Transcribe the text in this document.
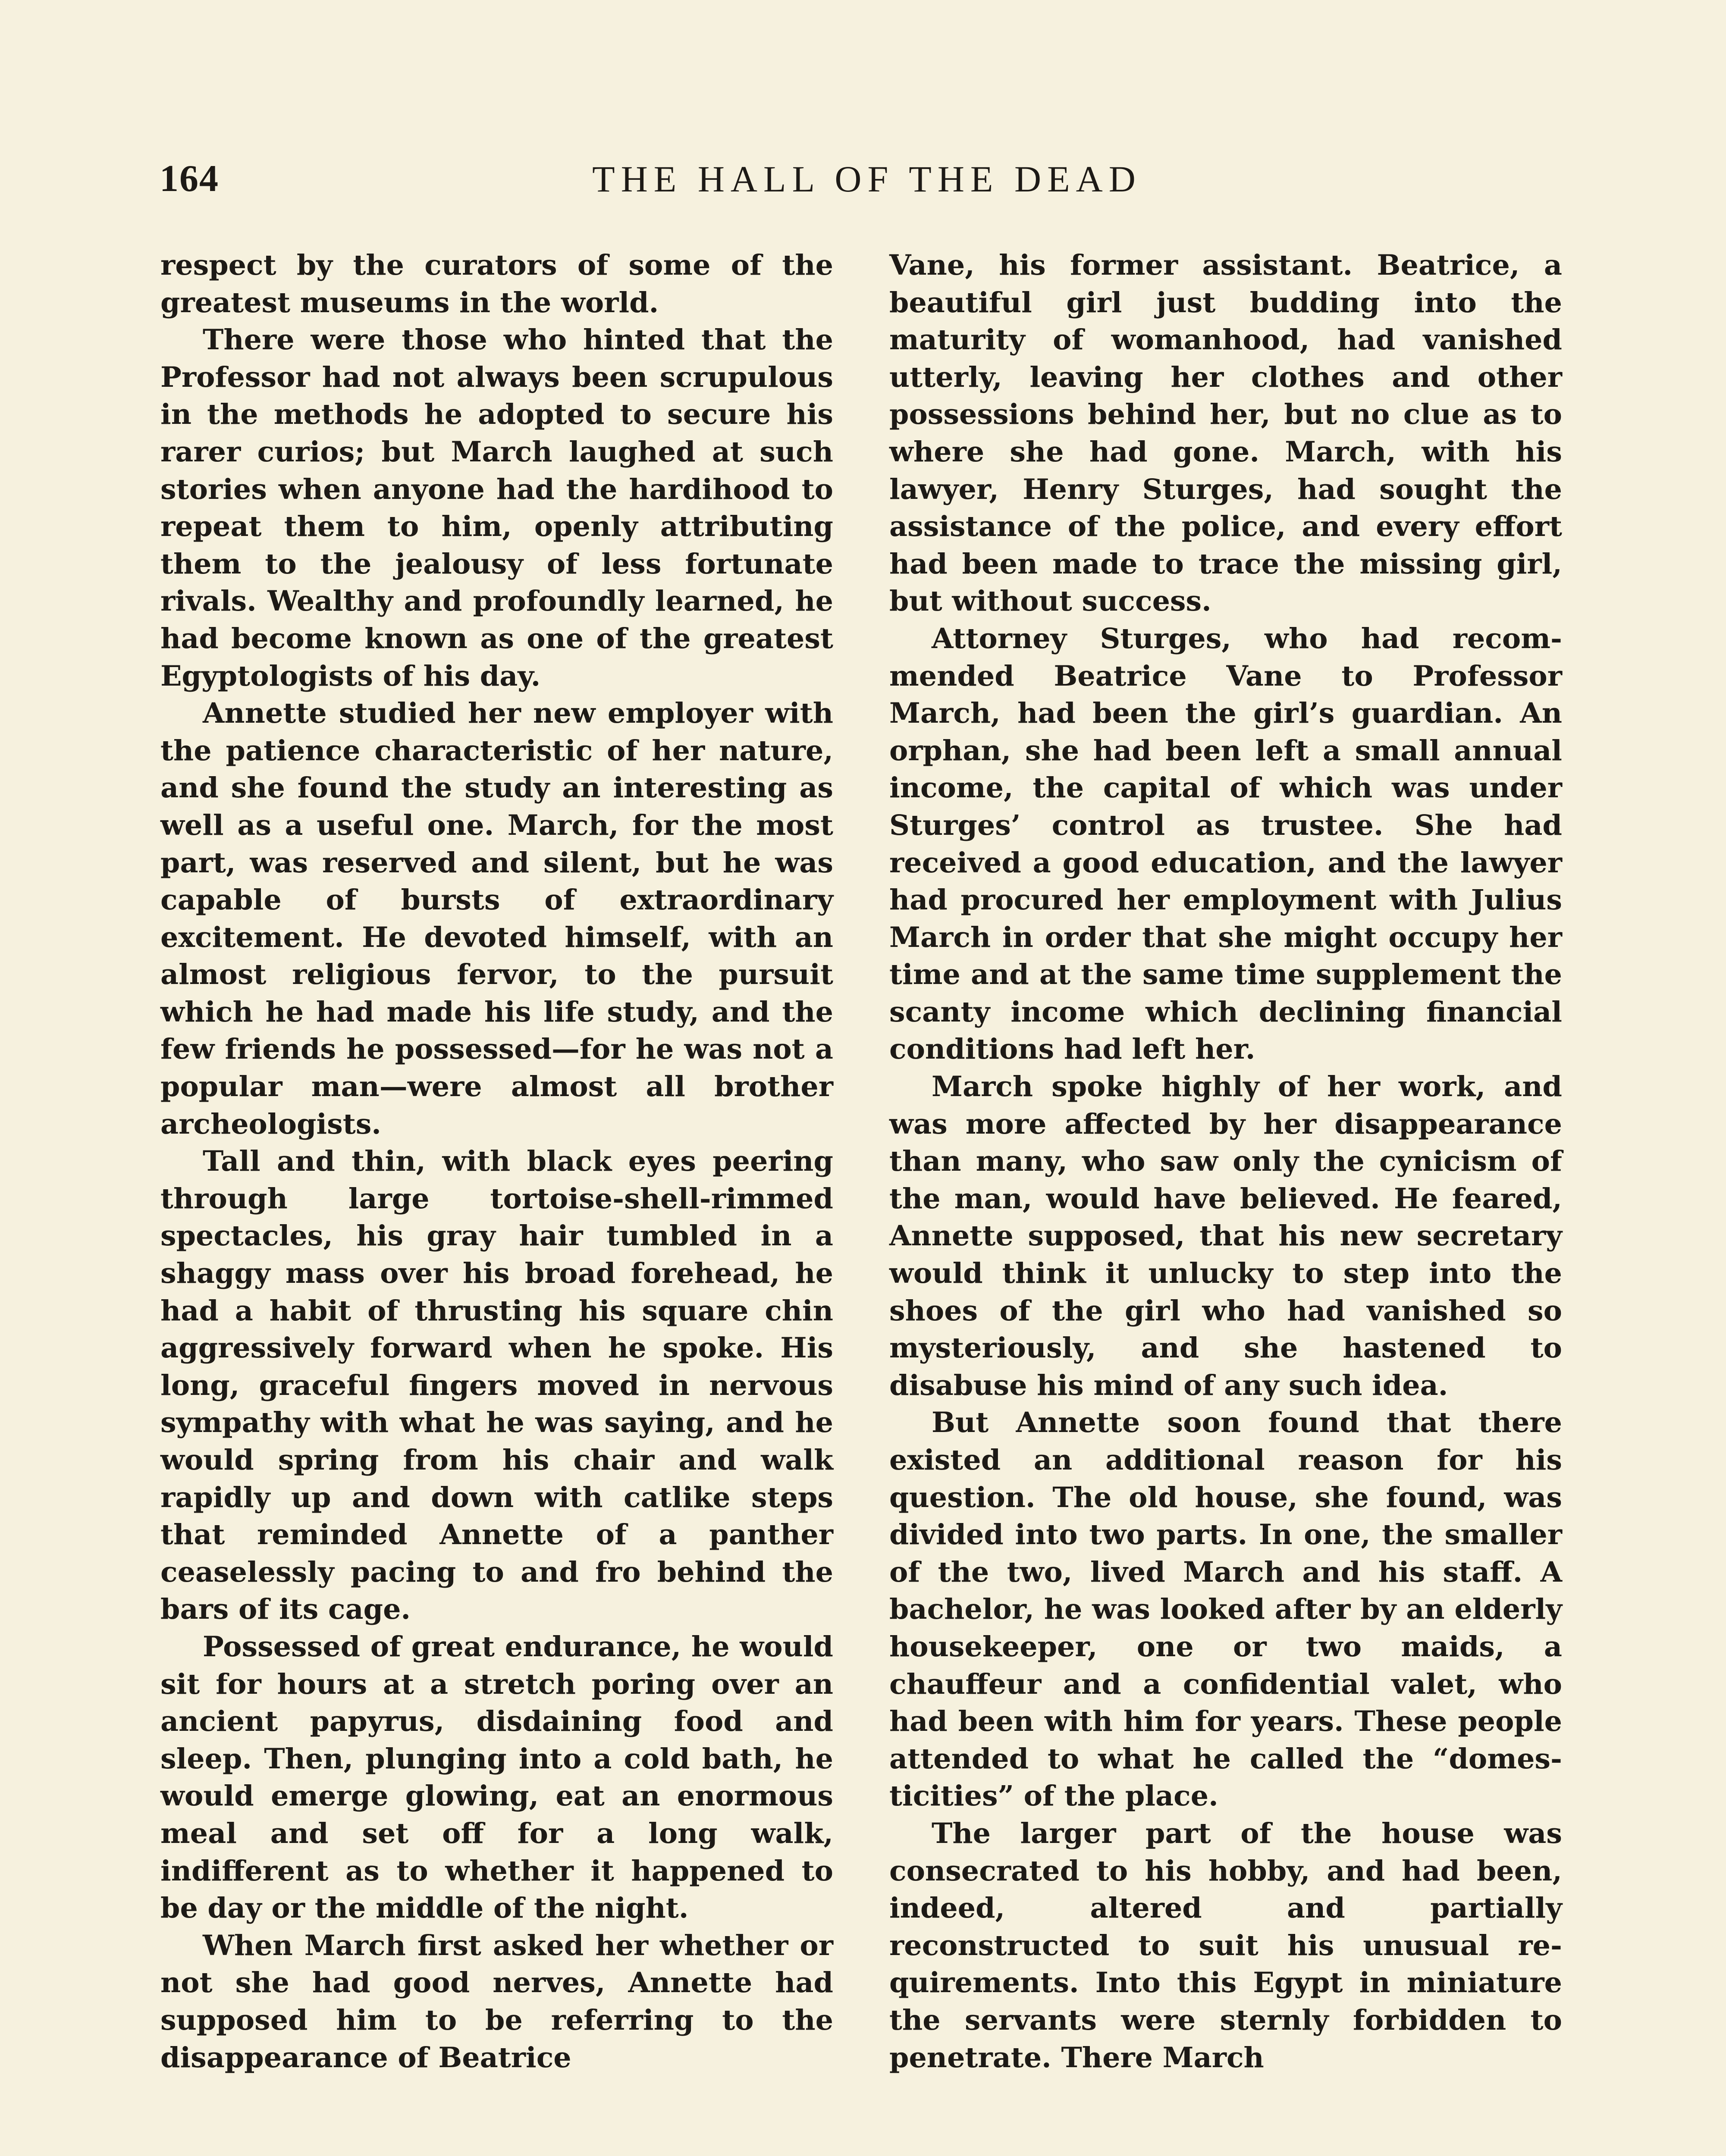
164	THE HALL OF THE DEAD

respect by the curators of some of the greatest museums in the world.

There were those who hinted that the Professor had not always been scrupulous in the methods he adopted to secure his rarer curios; but March laughed at such stories when anyone had the hardihood to repeat them to him, openly attributing them to the jealousy of less fortunate rivals. Wealthy and profoundly learned, he had become known as one of the greatest Egyptologists of his day.

Annette studied her new employer with the patience characteristic of her nature, and she found the study an interesting as well as a useful one. March, for the most part, was reserved and silent, but he was capable of bursts of extraordinary excitement. He devoted himself, with an almost religious fervor, to the pursuit which he had made his life study, and the few friends he possessed—for he was not a popular man—were almost all brother archeologists.

Tall and thin, with black eyes peering through large tortoise-shell-rimmed spectacles, his gray hair tumbled in a shaggy mass over his broad forehead, he had a habit of thrusting his square chin aggressively forward when he spoke. His long, graceful fingers moved in nervous sympathy with what he was saying, and he would spring from his chair and walk rapidly up and down with catlike steps that reminded Annette of a panther ceaselessly pacing to and fro behind the bars of its cage.

Possessed of great endurance, he would sit for hours at a stretch poring over an ancient papyrus, disdaining food and sleep. Then, plunging into a cold bath, he would emerge glowing, eat an enormous meal and set off for a long walk, indifferent as to whether it happened to be day or the middle of the night.

When March first asked her whether or not she had good nerves, Annette had supposed him to be referring to the disappearance of Beatrice

Vane, his former assistant. Beatrice, a beautiful girl just budding into the maturity of womanhood, had vanished utterly, leaving her clothes and other possessions behind her, but no clue as to where she had gone. March, with his lawyer, Henry Sturges, had sought the assistance of the police, and every effort had been made to trace the missing girl, but without success.

Attorney Sturges, who had recommended Beatrice Vane to Professor March, had been the girl’s guardian. An orphan, she had been left a small annual income, the capital of which was under Sturges’ control as trustee. She had received a good education, and the lawyer had procured her employment with Julius March in order that she might occupy her time and at the same time supplement the scanty income which declining financial conditions had left her.

March spoke highly of her work, and was more affected by her disappearance than many, who saw only the cynicism of the man, would have believed. He feared, Annette supposed, that his new secretary would think it unlucky to step into the shoes of the girl who had vanished so mysteriously, and she hastened to disabuse his mind of any such idea.

But Annette soon found that there existed an additional reason for his question. The old house, she found, was divided into two parts. In one, the smaller of the two, lived March and his staff. A bachelor, he was looked after by an elderly housekeeper, one or two maids, a chauffeur and a confidential valet, who had been with him for years. These people attended to what he called the “domesticities” of the place.

The larger part of the house was consecrated to his hobby, and had been, indeed, altered and partially reconstructed to suit his unusual requirements. Into this Egypt in miniature the servants were sternly forbidden to penetrate. There March
